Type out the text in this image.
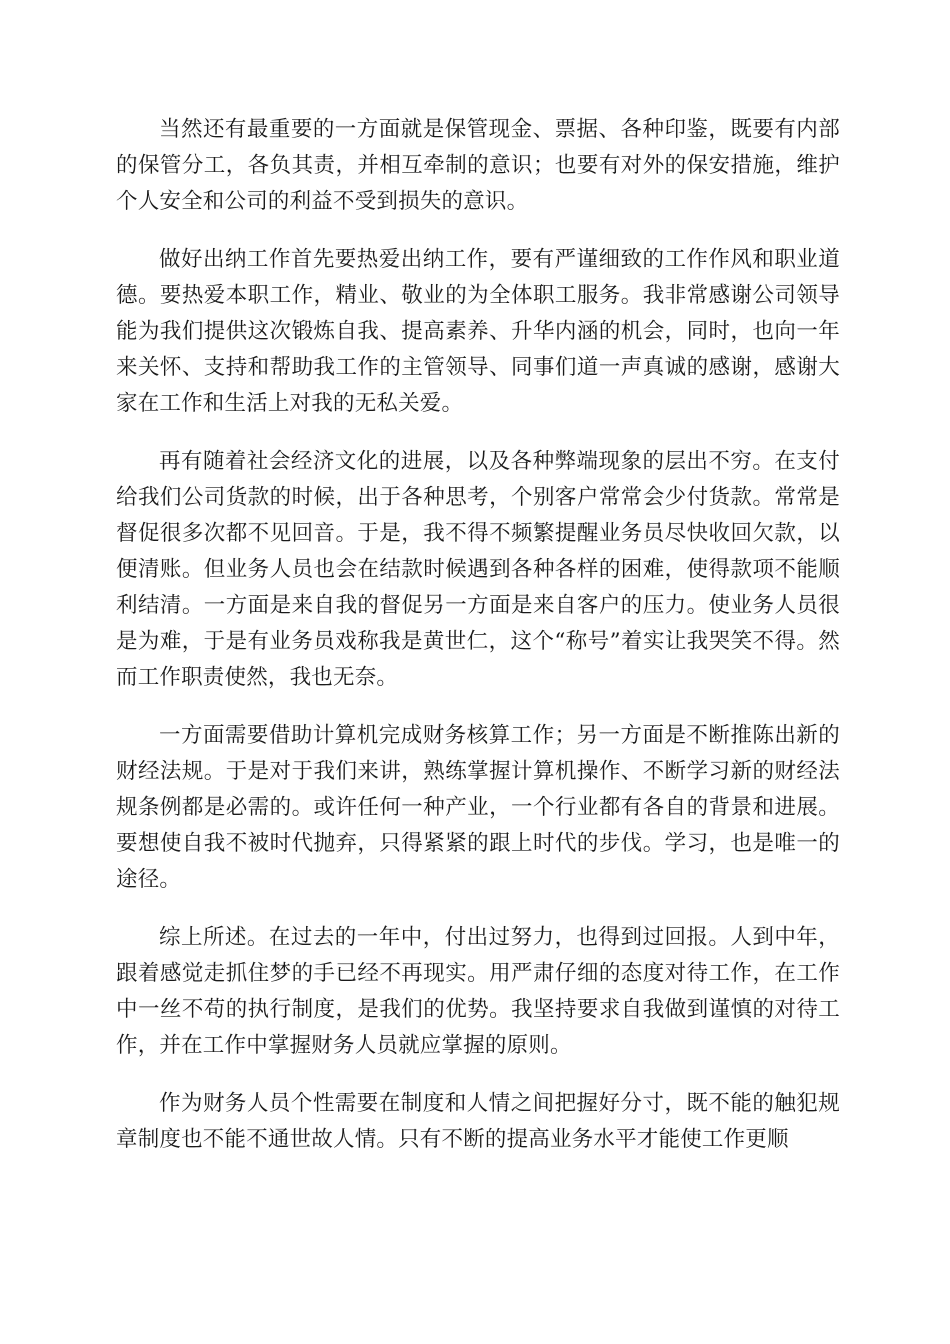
当然还有最重要的一方面就是保管现金、票据、各种印鉴，既要有内部的保管分工，各负其责，并相互牵制的意识；也要有对外的保安措施，维护个人安全和公司的利益不受到损失的意识。

做好出纳工作首先要热爱出纳工作，要有严谨细致的工作作风和职业道德。要热爱本职工作，精业、敬业的为全体职工服务。我非常感谢公司领导能为我们提供这次锻炼自我、提高素养、升华内涵的机会，同时，也向一年来关怀、支持和帮助我工作的主管领导、同事们道一声真诚的感谢，感谢大家在工作和生活上对我的无私关爱。

再有随着社会经济文化的进展，以及各种弊端现象的层出不穷。在支付给我们公司货款的时候，出于各种思考，个别客户常常会少付货款。常常是督促很多次都不见回音。于是，我不得不频繁提醒业务员尽快收回欠款，以便清账。但业务人员也会在结款时候遇到各种各样的困难，使得款项不能顺利结清。一方面是来自我的督促另一方面是来自客户的压力。使业务人员很是为难，于是有业务员戏称我是黄世仁，这个“称号”着实让我哭笑不得。然而工作职责使然，我也无奈。

一方面需要借助计算机完成财务核算工作；另一方面是不断推陈出新的财经法规。于是对于我们来讲，熟练掌握计算机操作、不断学习新的财经法规条例都是必需的。或许任何一种产业，一个行业都有各自的背景和进展。要想使自我不被时代抛弃，只得紧紧的跟上时代的步伐。学习，也是唯一的途径。

综上所述。在过去的一年中，付出过努力，也得到过回报。人到中年，跟着感觉走抓住梦的手已经不再现实。用严肃仔细的态度对待工作，在工作中一丝不苟的执行制度，是我们的优势。我坚持要求自我做到谨慎的对待工作，并在工作中掌握财务人员就应掌握的原则。

作为财务人员个性需要在制度和人情之间把握好分寸，既不能的触犯规章制度也不能不通世故人情。只有不断的提高业务水平才能使工作更顺
